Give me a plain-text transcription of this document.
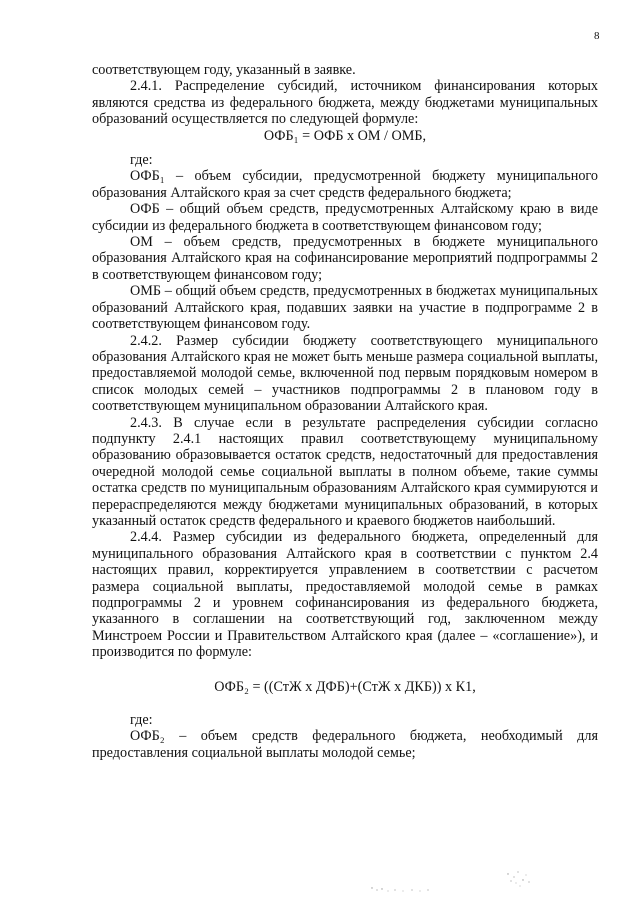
8

соответствующем году, указанный в заявке.

2.4.1. Распределение субсидий, источником финансирования которых являются средства из федерального бюджета, между бюджетами муниципальных образований осуществляется по следующей формуле:

ОФБ₁ = ОФБ х ОМ / ОМБ,

где:

ОФБ₁ – объем субсидии, предусмотренной бюджету муниципального образования Алтайского края за счет средств федерального бюджета;

ОФБ – общий объем средств, предусмотренных Алтайскому краю в виде субсидии из федерального бюджета в соответствующем финансовом году;

ОМ – объем средств, предусмотренных в бюджете муниципального образования Алтайского края на софинансирование мероприятий подпрограммы 2 в соответствующем финансовом году;

ОМБ – общий объем средств, предусмотренных в бюджетах муниципальных образований Алтайского края, подавших заявки на участие в подпрограмме 2 в соответствующем финансовом году.

2.4.2. Размер субсидии бюджету соответствующего муниципального образования Алтайского края не может быть меньше размера социальной выплаты, предоставляемой молодой семье, включенной под первым порядковым номером в список молодых семей – участников подпрограммы 2 в плановом году в соответствующем муниципальном образовании Алтайского края.

2.4.3. В случае если в результате распределения субсидии согласно подпункту 2.4.1 настоящих правил соответствующему муниципальному образованию образовывается остаток средств, недостаточный для предоставления очередной молодой семье социальной выплаты в полном объеме, такие суммы остатка средств по муниципальным образованиям Алтайского края суммируются и перераспределяются между бюджетами муниципальных образований, в которых указанный остаток средств федерального и краевого бюджетов наибольший.

2.4.4. Размер субсидии из федерального бюджета, определенный для муниципального образования Алтайского края в соответствии с пунктом 2.4 настоящих правил, корректируется управлением в соответствии с расчетом размера социальной выплаты, предоставляемой молодой семье в рамках подпрограммы 2 и уровнем софинансирования из федерального бюджета, указанного в соглашении на соответствующий год, заключенном между Минстроем России и Правительством Алтайского края (далее – «соглашение»), и производится по формуле:

ОФБ₂ = ((СтЖ х ДФБ)+(СтЖ х ДКБ)) х К1,

где:

ОФБ₂ – объем средств федерального бюджета, необходимый для предоставления социальной выплаты молодой семье;
